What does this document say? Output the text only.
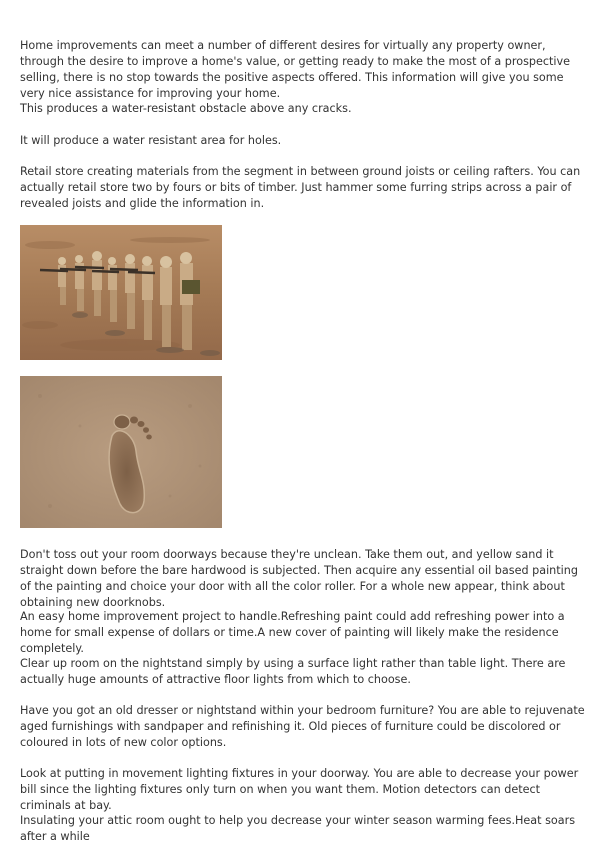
Home improvements can meet a number of different desires for virtually any property owner, through the desire to improve a home's value, or getting ready to make the most of a prospective selling, there is no stop towards the positive aspects offered. This information will give you some very nice assistance for improving your home.

This produces a water-resistant obstacle above any cracks.

It will produce a water resistant area for holes.

Retail store creating materials from the segment in between ground joists or ceiling rafters. You can actually retail store two by fours or bits of timber. Just hammer some furring strips across a pair of revealed joists and glide the information in.

Don't toss out your room doorways because they're unclean. Take them out, and yellow sand it straight down before the bare hardwood is subjected. Then acquire any essential oil based painting of the painting and choice your door with all the color roller. For a whole new appear, think about obtaining new doorknobs.

An easy home improvement project to handle.Refreshing paint could add refreshing power into a home for small expense of dollars or time.A new cover of painting will likely make the residence completely.

Clear up room on the nightstand simply by using a surface light rather than table light. There are actually huge amounts of attractive floor lights from which to choose.

Have you got an old dresser or nightstand within your bedroom furniture? You are able to rejuvenate aged furnishings with sandpaper and refinishing it. Old pieces of furniture could be discolored or coloured in lots of new color options.

Look at putting in movement lighting fixtures in your doorway. You are able to decrease your power bill since the lighting fixtures only turn on when you want them. Motion detectors can detect criminals at bay.

Insulating your attic room ought to help you decrease your winter season warming fees.Heat soars after a while
